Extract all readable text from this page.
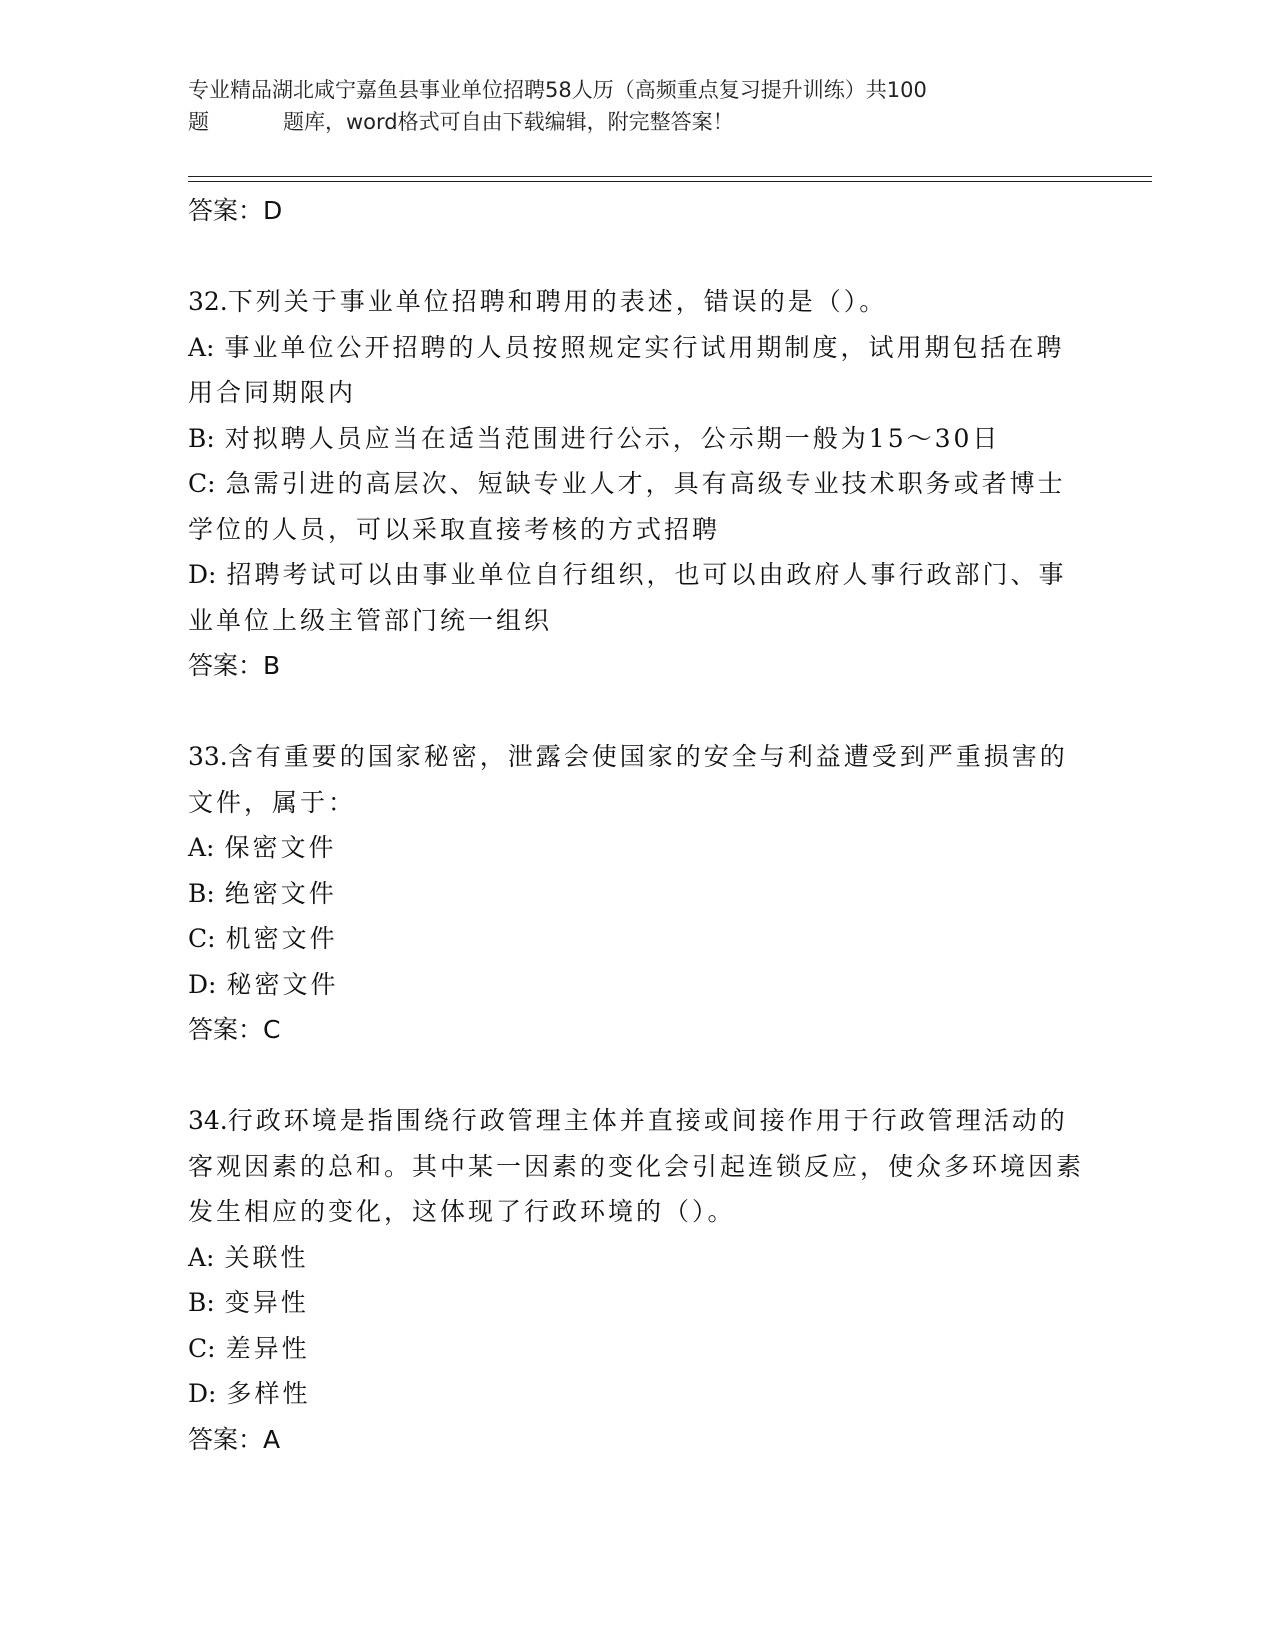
专业精品湖北咸宁嘉鱼县事业单位招聘58人历（高频重点复习提升训练）共100
题	题库，word格式可自由下载编辑，附完整答案！
答案：D
32.下列关于事业单位招聘和聘用的表述，错误的是（）。
A: 事业单位公开招聘的人员按照规定实行试用期制度，试用期包括在聘用合同期限内
B: 对拟聘人员应当在适当范围进行公示，公示期一般为15～30日
C: 急需引进的高层次、短缺专业人才，具有高级专业技术职务或者博士学位的人员，可以采取直接考核的方式招聘
D: 招聘考试可以由事业单位自行组织，也可以由政府人事行政部门、事业单位上级主管部门统一组织
答案：B
33.含有重要的国家秘密，泄露会使国家的安全与利益遭受到严重损害的文件，属于：
A: 保密文件
B: 绝密文件
C: 机密文件
D: 秘密文件
答案：C
34.行政环境是指围绕行政管理主体并直接或间接作用于行政管理活动的客观因素的总和。其中某一因素的变化会引起连锁反应，使众多环境因素发生相应的变化，这体现了行政环境的（）。
A: 关联性
B: 变异性
C: 差异性
D: 多样性
答案：A
